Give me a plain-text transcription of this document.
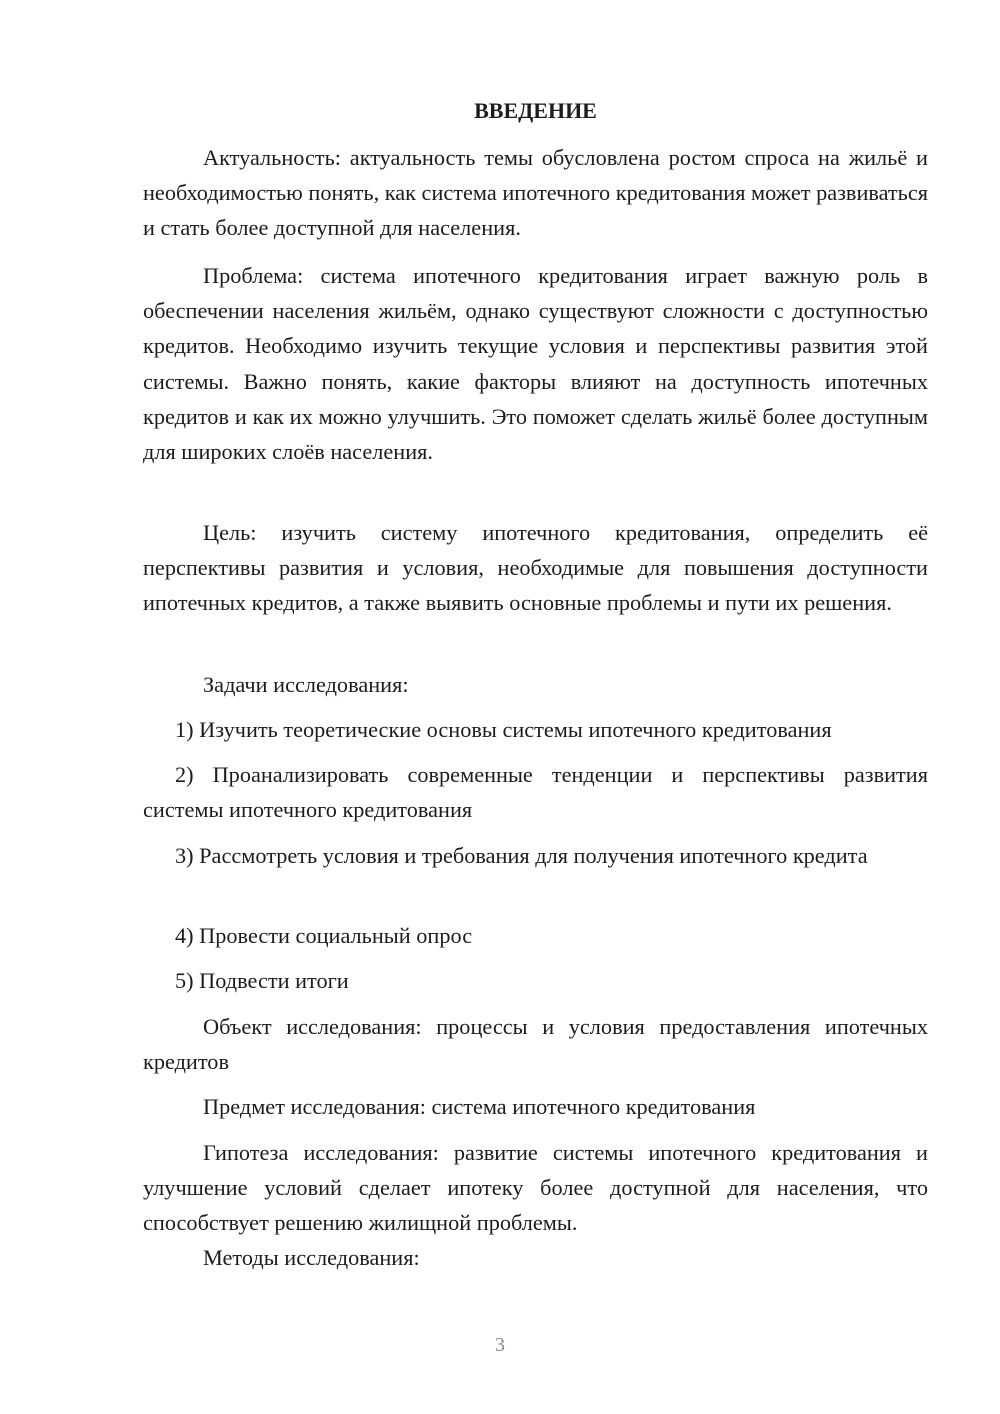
ВВЕДЕНИЕ

Актуальность: актуальность темы обусловлена ростом спроса на жильё и необходимостью понять, как система ипотечного кредитования может развиваться и стать более доступной для населения.

Проблема: система ипотечного кредитования играет важную роль в обеспечении населения жильём, однако существуют сложности с доступностью кредитов. Необходимо изучить текущие условия и перспективы развития этой системы. Важно понять, какие факторы влияют на доступность ипотечных кредитов и как их можно улучшить. Это поможет сделать жильё более доступным для широких слоёв населения.

Цель: изучить систему ипотечного кредитования, определить её перспективы развития и условия, необходимые для повышения доступности ипотечных кредитов, а также выявить основные проблемы и пути их решения.

Задачи исследования:

1) Изучить теоретические основы системы ипотечного кредитования

2) Проанализировать современные тенденции и перспективы развития системы ипотечного кредитования

3) Рассмотреть условия и требования для получения ипотечного кредита

4) Провести социальный опрос

5) Подвести итоги

Объект исследования: процессы и условия предоставления ипотечных кредитов

Предмет исследования: система ипотечного кредитования

Гипотеза исследования: развитие системы ипотечного кредитования и улучшение условий сделает ипотеку более доступной для населения, что способствует решению жилищной проблемы.

Методы исследования:

3
